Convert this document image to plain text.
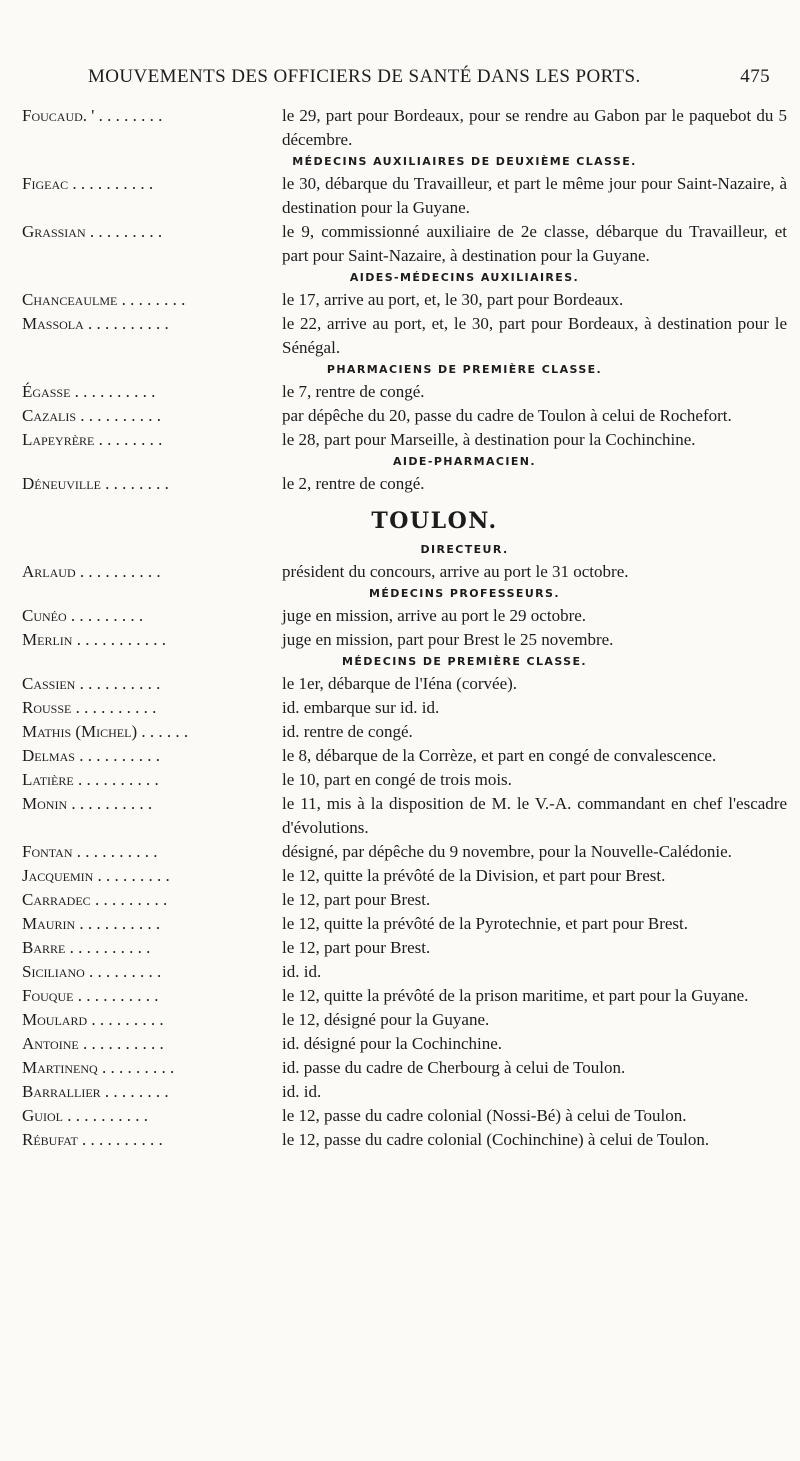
MOUVEMENTS DES OFFICIERS DE SANTÉ DANS LES PORTS.	475
Foucaud. ' . . . . . . . .	le 29, part pour Bordeaux, pour se rendre au Gabon par le paquebot du 5 décembre.
MÉDECINS AUXILIAIRES DE DEUXIÈME CLASSE.
Figeac . . . . . . . . . .	le 30, débarque du Travailleur, et part le même jour pour Saint-Nazaire, à destination pour la Guyane.
Grassian . . . . . . . . .	le 9, commissionné auxiliaire de 2e classe, débarque du Travailleur, et part pour Saint-Nazaire, à destination pour la Guyane.
AIDES-MÉDECINS AUXILIAIRES.
Chanceaulme . . . . . . . .	le 17, arrive au port, et, le 30, part pour Bordeaux.
Massola . . . . . . . . . .	le 22, arrive au port, et, le 30, part pour Bordeaux, à destination pour le Sénégal.
PHARMACIENS DE PREMIÈRE CLASSE.
Égasse . . . . . . . . . .	le 7, rentre de congé.
Cazalis . . . . . . . . . .	par dépêche du 20, passe du cadre de Toulon à celui de Rochefort.
Lapeyrère . . . . . . . .	le 28, part pour Marseille, à destination pour la Cochinchine.
AIDE-PHARMACIEN.
Déneuville . . . . . . . .	le 2, rentre de congé.
TOULON.
DIRECTEUR.
Arlaud . . . . . . . . . .	président du concours, arrive au port le 31 octobre.
MÉDECINS PROFESSEURS.
Cunéo . . . . . . . . .	juge en mission, arrive au port le 29 octobre.
Merlin . . . . . . . . . . .	juge en mission, part pour Brest le 25 novembre.
MÉDECINS DE PREMIÈRE CLASSE.
Cassien . . . . . . . . . .	le 1er, débarque de l'Iéna (corvée).
Rousse . . . . . . . . . .	id. embarque sur id. id.
Mathis (Michel) . . . . . .	id. rentre de congé.
Delmas . . . . . . . . . .	le 8, débarque de la Corrèze, et part en congé de convalescence.
Latière . . . . . . . . . .	le 10, part en congé de trois mois.
Monin . . . . . . . . . .	le 11, mis à la disposition de M. le V.-A. commandant en chef l'escadre d'évolutions.
Fontan . . . . . . . . . .	désigné, par dépêche du 9 novembre, pour la Nouvelle-Calédonie.
Jacquemin . . . . . . . . .	le 12, quitte la prévôté de la Division, et part pour Brest.
Carradec . . . . . . . . .	le 12, part pour Brest.
Maurin . . . . . . . . . .	le 12, quitte la prévôté de la Pyrotechnie, et part pour Brest.
Barre . . . . . . . . . .	le 12, part pour Brest.
Siciliano . . . . . . . . .	id. id.
Fouque . . . . . . . . . .	le 12, quitte la prévôté de la prison maritime, et part pour la Guyane.
Moulard . . . . . . . . .	le 12, désigné pour la Guyane.
Antoine . . . . . . . . . .	id. désigné pour la Cochinchine.
Martinenq . . . . . . . . .	id. passe du cadre de Cherbourg à celui de Toulon.
Barrallier . . . . . . . .	id. id.
Guiol . . . . . . . . . .	le 12, passe du cadre colonial (Nossi-Bé) à celui de Toulon.
Rébufat . . . . . . . . . .	le 12, passe du cadre colonial (Cochinchine) à celui de Toulon.
